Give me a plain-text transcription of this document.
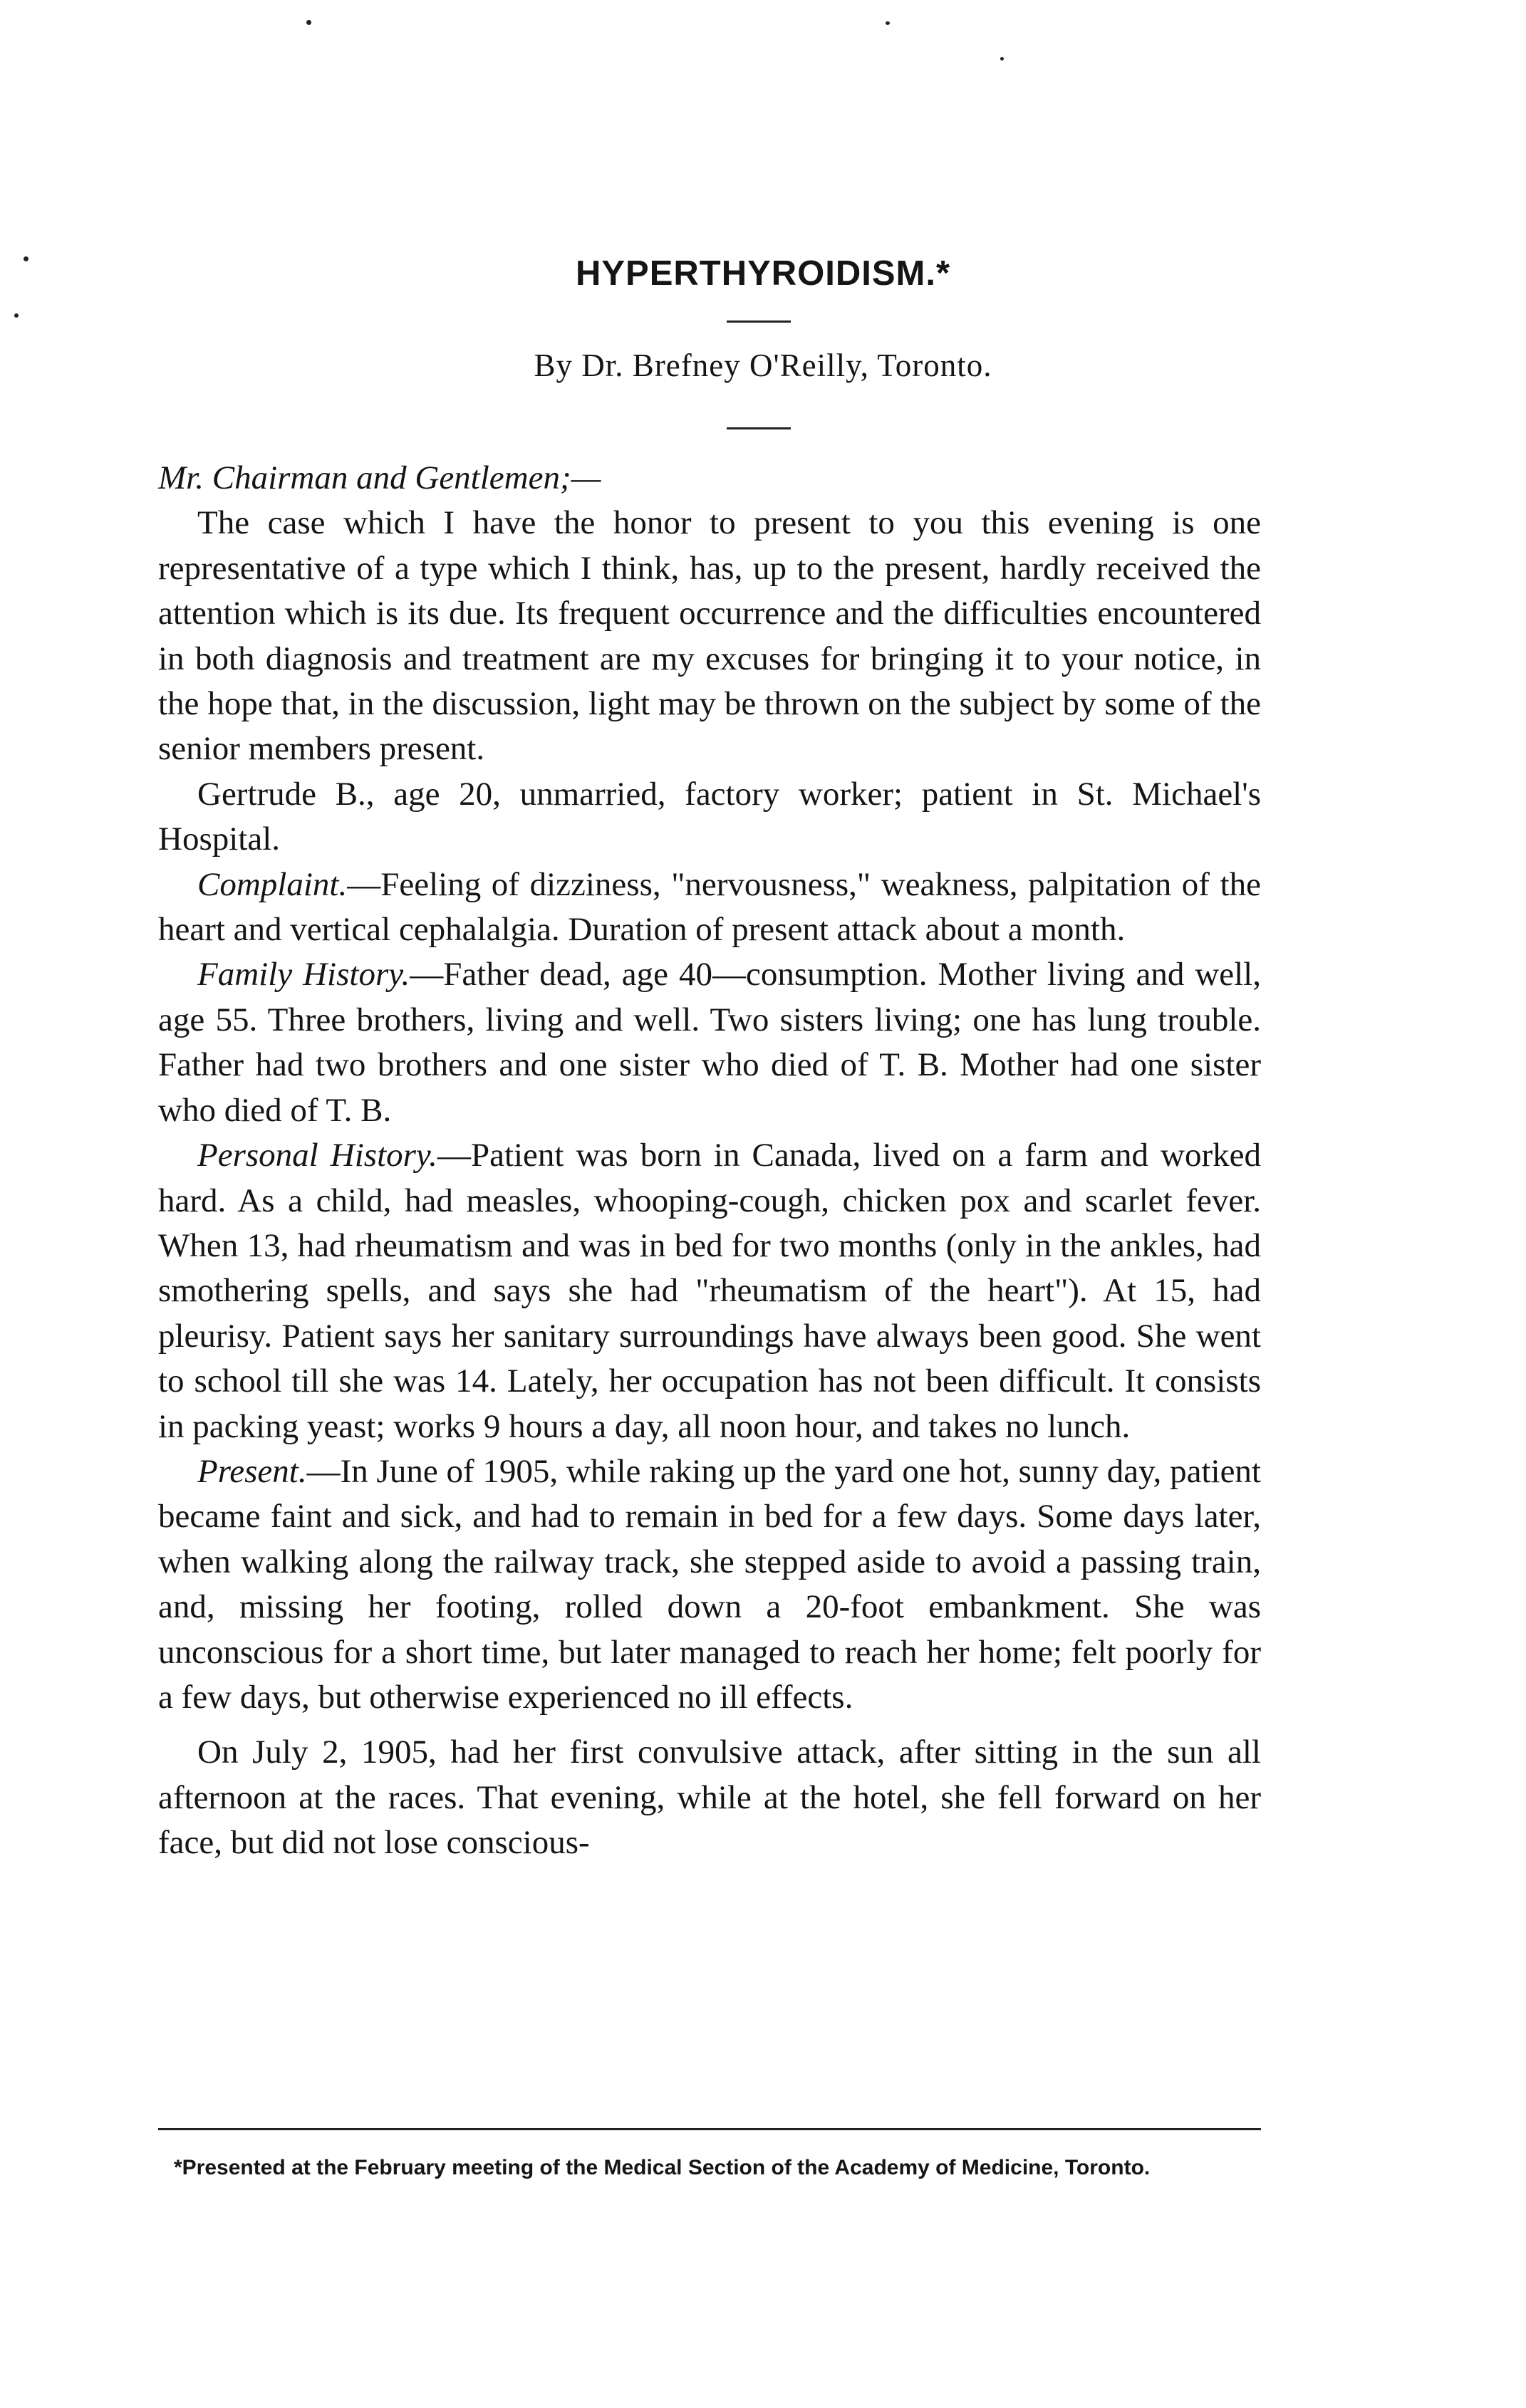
HYPERTHYROIDISM.*
By Dr. Brefney O'Reilly, Toronto.

Mr. Chairman and Gentlemen;—

The case which I have the honor to present to you this evening is one representative of a type which I think, has, up to the present, hardly received the attention which is its due. Its frequent occurrence and the difficulties encountered in both diagnosis and treatment are my excuses for bringing it to your notice, in the hope that, in the discussion, light may be thrown on the subject by some of the senior members present.

Gertrude B., age 20, unmarried, factory worker; patient in St. Michael's Hospital.

Complaint.—Feeling of dizziness, "nervousness," weakness, palpitation of the heart and vertical cephalalgia. Duration of present attack about a month.

Family History.—Father dead, age 40—consumption. Mother living and well, age 55. Three brothers, living and well. Two sisters living; one has lung trouble. Father had two brothers and one sister who died of T. B. Mother had one sister who died of T. B.

Personal History.—Patient was born in Canada, lived on a farm and worked hard. As a child, had measles, whooping-cough, chicken pox and scarlet fever. When 13, had rheumatism and was in bed for two months (only in the ankles, had smothering spells, and says she had "rheumatism of the heart"). At 15, had pleurisy. Patient says her sanitary surroundings have always been good. She went to school till she was 14. Lately, her occupation has not been difficult. It consists in packing yeast; works 9 hours a day, all noon hour, and takes no lunch.

Present.—In June of 1905, while raking up the yard one hot, sunny day, patient became faint and sick, and had to remain in bed for a few days. Some days later, when walking along the railway track, she stepped aside to avoid a passing train, and, missing her footing, rolled down a 20-foot embankment. She was unconscious for a short time, but later managed to reach her home; felt poorly for a few days, but otherwise experienced no ill effects.

On July 2, 1905, had her first convulsive attack, after sitting in the sun all afternoon at the races. That evening, while at the hotel, she fell forward on her face, but did not lose conscious-

*Presented at the February meeting of the Medical Section of the Academy of Medicine, Toronto.
